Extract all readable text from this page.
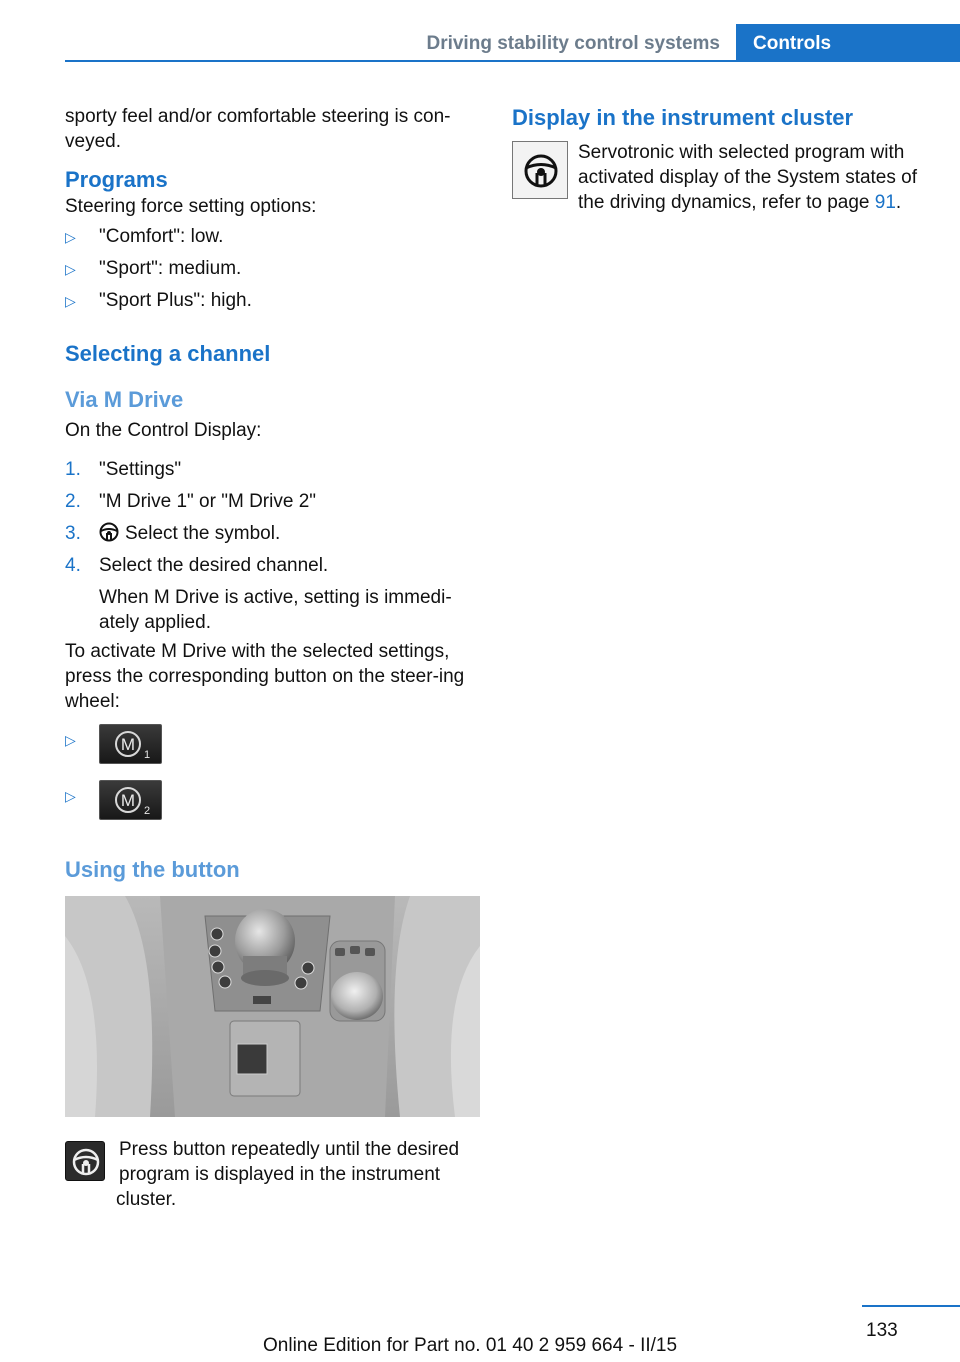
Driving stability control systems	Controls

sporty feel and/or comfortable steering is con-veyed.

Programs

Steering force setting options:

▷ "Comfort": low.
▷ "Sport": medium.
▷ "Sport Plus": high.
Selecting a channel
Via M Drive

On the Control Display:

1. "Settings"
2. "M Drive 1" or "M Drive 2"
3. Select the symbol.
4. Select the desired channel.
When M Drive is active, setting is immedi-ately applied.

To activate M Drive with the selected settings, press the corresponding button on the steer-ing wheel:

▷	M
1
▷	M
2
Using the button
Press button repeatedly until the desired program is displayed in the instrument cluster.
Display in the instrument cluster
Servotronic with selected program with activated display of the System states of the driving dynamics, refer to page 91.
133
Online Edition for Part no. 01 40 2 959 664 - II/15
